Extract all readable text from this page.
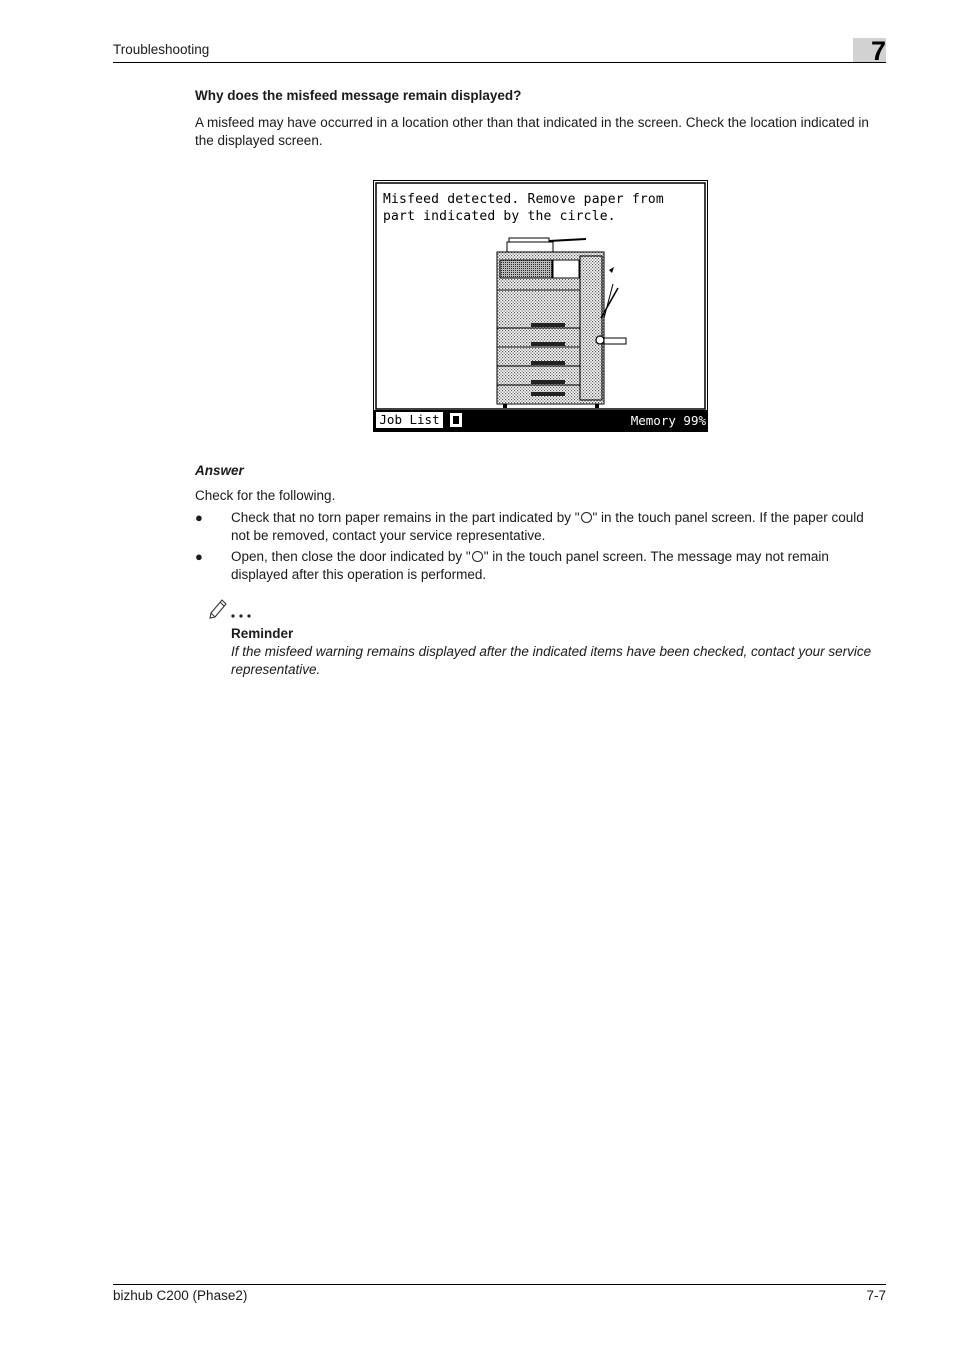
Troubleshooting	7
Why does the misfeed message remain displayed?
A misfeed may have occurred in a location other than that indicated in the screen. Check the location indicated in the displayed screen.
Misfeed detected. Remove paper from
part indicated by the circle.
Job List	Memory 99%
Answer
Check for the following.
● Check that no torn paper remains in the part indicated by " " in the touch panel screen. If the paper could not be removed, contact your service representative.
● Open, then close the door indicated by " " in the touch panel screen. The message may not remain displayed after this operation is performed.
Reminder
If the misfeed warning remains displayed after the indicated items have been checked, contact your service representative.
bizhub C200 (Phase2)	7-7
